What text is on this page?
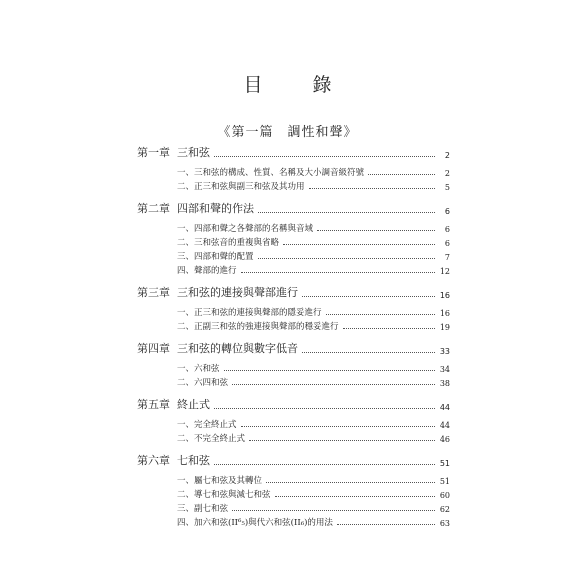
目 錄
《第一篇　調性和聲》
第一章 三和弦	2
一、三和弦的構成、性質、名稱及大小調音級符號	2
二、正三和弦與副三和弦及其功用	5
第二章 四部和聲的作法	6
一、四部和聲之各聲部的名稱與音域	6
二、三和弦音的重複與省略	6
三、四部和聲的配置	7
四、聲部的進行	12
第三章 三和弦的連接與聲部進行	16
一、正三和弦的連接與聲部的隱妥進行	16
二、正副三和弦的強連接與聲部的穩妥進行	19
第四章 三和弦的轉位與數字低音	33
一、六和弦	34
二、六四和弦	38
第五章 終止式	44
一、完全終止式	44
二、不完全終止式	46
第六章 七和弦	51
一、屬七和弦及其轉位	51
二、導七和弦與減七和弦	60
三、副七和弦	62
四、加六和弦(II⁶₅)與代六和弦(II₆)的用法	63
